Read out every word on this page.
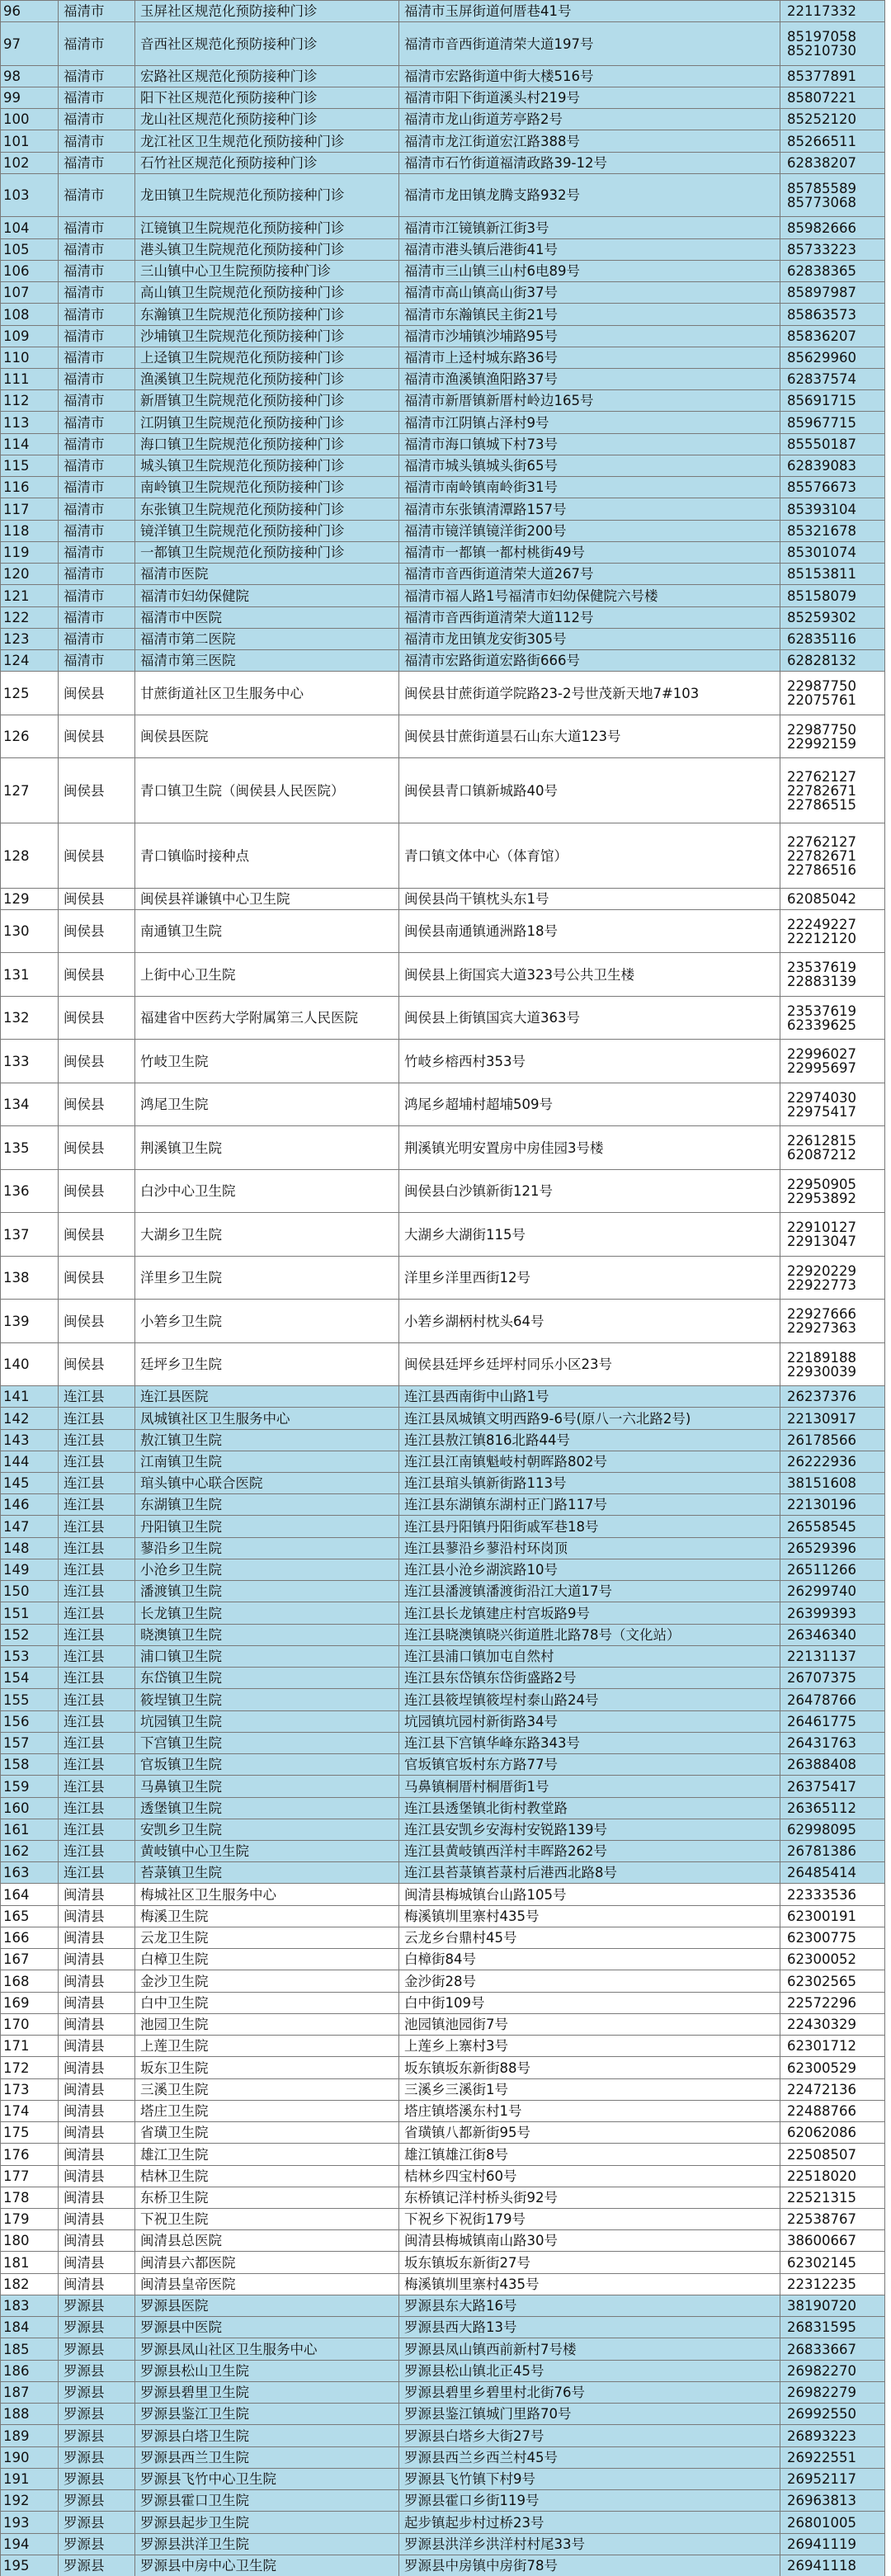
96	福清市	玉屏社区规范化预防接种门诊	福清市玉屏街道何厝巷41号	22117332

97	福清市	音西社区规范化预防接种门诊	福清市音西街道清荣大道197号	85197058
85210730

98	福清市	宏路社区规范化预防接种门诊	福清市宏路街道中街大楼516号	85377891

99	福清市	阳下社区规范化预防接种门诊	福清市阳下街道溪头村219号	85807221

100	福清市	龙山社区规范化预防接种门诊	福清市龙山街道芳亭路2号	85252120

101	福清市	龙江社区卫生规范化预防接种门诊	福清市龙江街道宏江路388号	85266511

102	福清市	石竹社区规范化预防接种门诊	福清市石竹街道福清政路39-12号	62838207

103	福清市	龙田镇卫生院规范化预防接种门诊	福清市龙田镇龙腾支路932号	85785589
85773068

104	福清市	江镜镇卫生院规范化预防接种门诊	福清市江镜镇新江街3号	85982666

105	福清市	港头镇卫生院规范化预防接种门诊	福清市港头镇后港街41号	85733223

106	福清市	三山镇中心卫生院预防接种门诊	福清市三山镇三山村6电89号	62838365

107	福清市	高山镇卫生院规范化预防接种门诊	福清市高山镇高山街37号	85897987

108	福清市	东瀚镇卫生院规范化预防接种门诊	福清市东瀚镇民主街21号	85863573

109	福清市	沙埔镇卫生院规范化预防接种门诊	福清市沙埔镇沙埔路95号	85836207

110	福清市	上迳镇卫生院规范化预防接种门诊	福清市上迳村城东路36号	85629960

111	福清市	渔溪镇卫生院规范化预防接种门诊	福清市渔溪镇渔阳路37号	62837574

112	福清市	新厝镇卫生院规范化预防接种门诊	福清市新厝镇新厝村岭边165号	85691715

113	福清市	江阴镇卫生院规范化预防接种门诊	福清市江阴镇占泽村9号	85967715

114	福清市	海口镇卫生院规范化预防接种门诊	福清市海口镇城下村73号	85550187

115	福清市	城头镇卫生院规范化预防接种门诊	福清市城头镇城头街65号	62839083

116	福清市	南岭镇卫生院规范化预防接种门诊	福清市南岭镇南岭街31号	85576673

117	福清市	东张镇卫生院规范化预防接种门诊	福清市东张镇清潭路157号	85393104

118	福清市	镜洋镇卫生院规范化预防接种门诊	福清市镜洋镇镜洋街200号	85321678

119	福清市	一都镇卫生院规范化预防接种门诊	福清市一都镇一都村桃街49号	85301074

120	福清市	福清市医院	福清市音西街道清荣大道267号	85153811

121	福清市	福清市妇幼保健院	福清市福人路1号福清市妇幼保健院六号楼	85158079

122	福清市	福清市中医院	福清市音西街道清荣大道112号	85259302

123	福清市	福清市第二医院	福清市龙田镇龙安街305号	62835116

124	福清市	福清市第三医院	福清市宏路街道宏路街666号	62828132

125	闽侯县	甘蔗街道社区卫生服务中心	闽侯县甘蔗街道学院路23-2号世茂新天地7#103	22987750
22075761

126	闽侯县	闽侯县医院	闽侯县甘蔗街道昙石山东大道123号	22987750
22992159

127	闽侯县	青口镇卫生院（闽侯县人民医院）	闽侯县青口镇新城路40号	22762127
22782671
22786515

128	闽侯县	青口镇临时接种点	青口镇文体中心（体育馆）	22762127
22782671
22786516

129	闽侯县	闽侯县祥谦镇中心卫生院	闽侯县尚干镇枕头东1号	62085042

130	闽侯县	南通镇卫生院	闽侯县南通镇通洲路18号	22249227
22212120

131	闽侯县	上街中心卫生院	闽侯县上街国宾大道323号公共卫生楼	23537619
22883139

132	闽侯县	福建省中医药大学附属第三人民医院	闽侯县上街镇国宾大道363号	23537619
62339625

133	闽侯县	竹岐卫生院	竹岐乡榕西村353号	22996027
22995697

134	闽侯县	鸿尾卫生院	鸿尾乡超埔村超埔509号	22974030
22975417

135	闽侯县	荆溪镇卫生院	荆溪镇光明安置房中房佳园3号楼	22612815
62087212

136	闽侯县	白沙中心卫生院	闽侯县白沙镇新街121号	22950905
22953892

137	闽侯县	大湖乡卫生院	大湖乡大湖街115号	22910127
22913047

138	闽侯县	洋里乡卫生院	洋里乡洋里西街12号	22920229
22922773

139	闽侯县	小箬乡卫生院	小箬乡湖柄村枕头64号	22927666
22927363

140	闽侯县	廷坪乡卫生院	闽侯县廷坪乡廷坪村同乐小区23号	22189188
22930039

141	连江县	连江县医院	连江县西南街中山路1号	26237376

142	连江县	凤城镇社区卫生服务中心	连江县凤城镇文明西路9-6号(原八一六北路2号)	22130917

143	连江县	敖江镇卫生院	连江县敖江镇816北路44号	26178566

144	连江县	江南镇卫生院	连江县江南镇魁岐村朝晖路802号	26222936

145	连江县	琯头镇中心联合医院	连江县琯头镇新街路113号	38151608

146	连江县	东湖镇卫生院	连江县东湖镇东湖村正门路117号	22130196

147	连江县	丹阳镇卫生院	连江县丹阳镇丹阳街戚军巷18号	26558545

148	连江县	蓼沿乡卫生院	连江县蓼沿乡蓼沿村环岗顶	26529396

149	连江县	小沧乡卫生院	连江县小沧乡湖滨路10号	26511266

150	连江县	潘渡镇卫生院	连江县潘渡镇潘渡街沿江大道17号	26299740

151	连江县	长龙镇卫生院	连江县长龙镇建庄村宫坂路9号	26399393

152	连江县	晓澳镇卫生院	连江县晓澳镇晓兴街道胜北路78号（文化站）	26346340

153	连江县	浦口镇卫生院	连江县浦口镇加屯自然村	22131137

154	连江县	东岱镇卫生院	连江县东岱镇东岱街盛路2号	26707375

155	连江县	筱埕镇卫生院	连江县筱埕镇筱埕村泰山路24号	26478766

156	连江县	坑园镇卫生院	坑园镇坑园村新街路34号	26461775

157	连江县	下宫镇卫生院	连江县下宫镇华峰东路343号	26431763

158	连江县	官坂镇卫生院	官坂镇官坂村东方路77号	26388408

159	连江县	马鼻镇卫生院	马鼻镇桐厝村桐厝街1号	26375417

160	连江县	透堡镇卫生院	连江县透堡镇北街村教堂路	26365112

161	连江县	安凯乡卫生院	连江县安凯乡安海村安锐路139号	62998095

162	连江县	黄岐镇中心卫生院	连江县黄岐镇西洋村丰晖路262号	26781386

163	连江县	苔菉镇卫生院	连江县苔菉镇苔菉村后港西北路8号	26485414

164	闽清县	梅城社区卫生服务中心	闽清县梅城镇台山路105号	22333536

165	闽清县	梅溪卫生院	梅溪镇圳里寨村435号	62300191

166	闽清县	云龙卫生院	云龙乡台鼎村45号	62300775

167	闽清县	白樟卫生院	白樟街84号	62300052

168	闽清县	金沙卫生院	金沙街28号	62302565

169	闽清县	白中卫生院	白中街109号	22572296

170	闽清县	池园卫生院	池园镇池园街7号	22430329

171	闽清县	上莲卫生院	上莲乡上寨村3号	62301712

172	闽清县	坂东卫生院	坂东镇坂东新街88号	62300529

173	闽清县	三溪卫生院	三溪乡三溪街1号	22472136

174	闽清县	塔庄卫生院	塔庄镇塔溪东村1号	22488766

175	闽清县	省璜卫生院	省璜镇八都新街95号	62062086

176	闽清县	雄江卫生院	雄江镇雄江街8号	22508507

177	闽清县	桔林卫生院	桔林乡四宝村60号	22518020

178	闽清县	东桥卫生院	东桥镇记洋村桥头街92号	22521315

179	闽清县	下祝卫生院	下祝乡下祝街179号	22538767

180	闽清县	闽清县总医院	闽清县梅城镇南山路30号	38600667

181	闽清县	闽清县六都医院	坂东镇坂东新街27号	62302145

182	闽清县	闽清县皇帝医院	梅溪镇圳里寨村435号	22312235

183	罗源县	罗源县医院	罗源县东大路16号	38190720

184	罗源县	罗源县中医院	罗源县西大路13号	26831595

185	罗源县	罗源县凤山社区卫生服务中心	罗源县凤山镇西前新村7号楼	26833667

186	罗源县	罗源县松山卫生院	罗源县松山镇北正45号	26982270

187	罗源县	罗源县碧里卫生院	罗源县碧里乡碧里村北街76号	26982279

188	罗源县	罗源县鉴江卫生院	罗源县鉴江镇城门里路70号	26992550

189	罗源县	罗源县白塔卫生院	罗源县白塔乡大街27号	26893223

190	罗源县	罗源县西兰卫生院	罗源县西兰乡西兰村45号	26922551

191	罗源县	罗源县飞竹中心卫生院	罗源县飞竹镇下村9号	26952117

192	罗源县	罗源县霍口卫生院	罗源县霍口乡街119号	26963813

193	罗源县	罗源县起步卫生院	起步镇起步村过桥23号	26801005

194	罗源县	罗源县洪洋卫生院	罗源县洪洋乡洪洋村村尾33号	26941119

195	罗源县	罗源县中房中心卫生院	罗源县中房镇中房街78号	26941118
